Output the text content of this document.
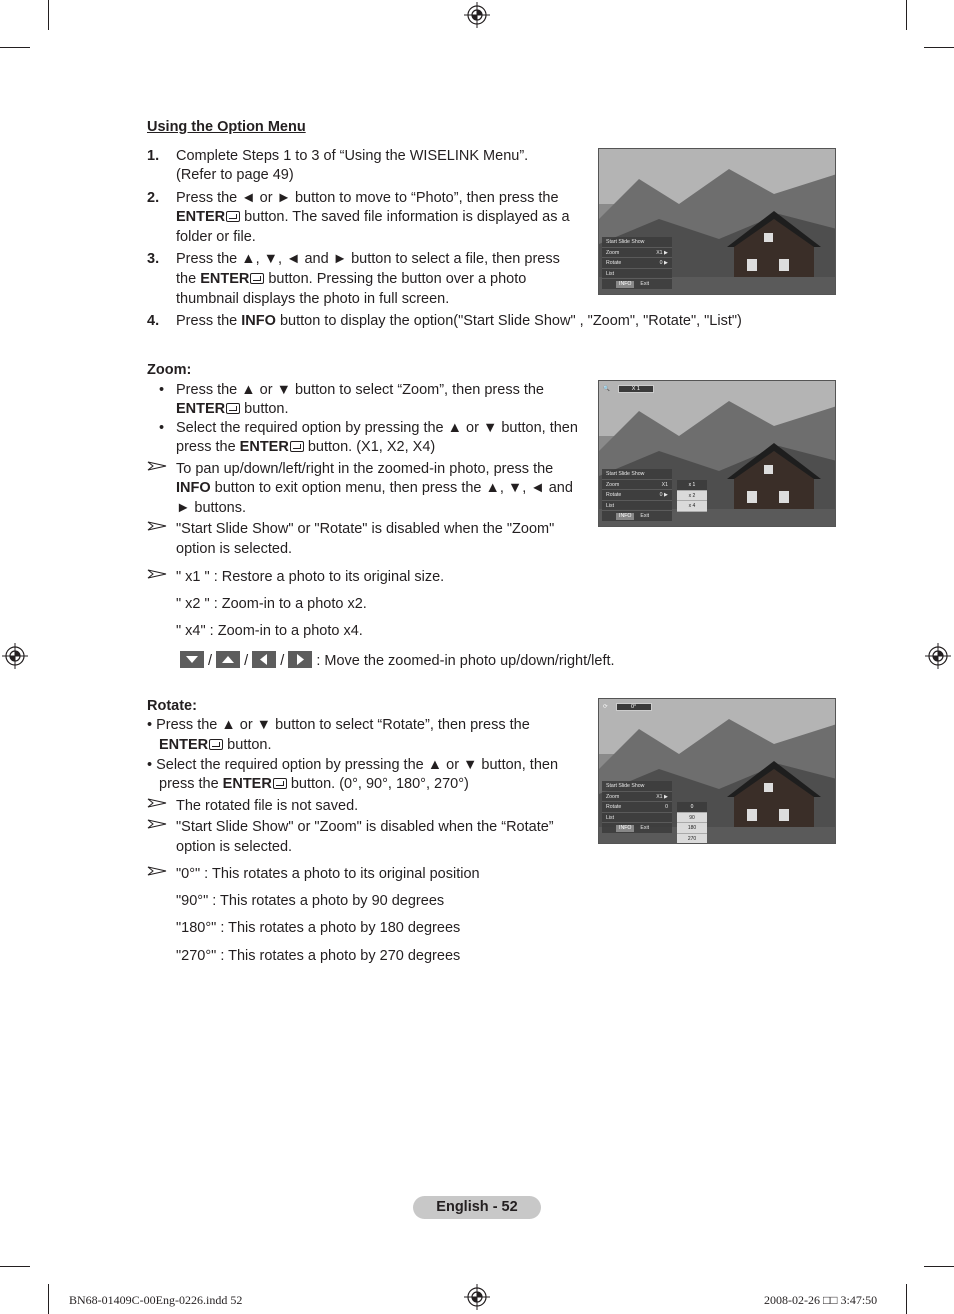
Using the Option Menu
1. Complete Steps 1 to 3 of “Using the WISELINK Menu”.
(Refer to page 49)
2. Press the ◄ or ► button to move to “Photo”, then press the
ENTER button. The saved file information is displayed as a
folder or file.
3. Press the ▲, ▼, ◄ and ► button to select a file, then press
the ENTER button. Pressing the button over a photo
thumbnail displays the photo in full screen.
4. Press the INFO button to display the option("Start Slide Show" , "Zoom", "Rotate", "List")
Start Slide Show
Zoom	X1 ▶
Rotate	0 ▶
List
INFO Exit
Zoom:
• Press the ▲ or ▼ button to select “Zoom”, then press the
ENTER button.
• Select the required option by pressing the ▲ or ▼ button, then
press the ENTER button. (X1, X2, X4)
To pan up/down/left/right in the zoomed-in photo, press the
INFO button to exit option menu, then press the ▲, ▼, ◄ and
► buttons.
"Start Slide Show" or "Rotate" is disabled when the "Zoom"
option is selected.
" x1 " : Restore a photo to its original size.
" x2 " : Zoom-in to a photo x2.
" x4" : Zoom-in to a photo x4.
/ / / : Move the zoomed-in photo up/down/right/left.
🔍	X 1
Start Slide Show
Zoom	X1
Rotate	0 ▶
List
INFO Exit
x 1
x 2
x 4
Rotate:
• Press the ▲ or ▼ button to select “Rotate”, then press the
ENTER button.
• Select the required option by pressing the ▲ or ▼ button, then
press the ENTER button. (0°, 90°, 180°, 270°)
The rotated file is not saved.
"Start Slide Show" or "Zoom" is disabled when the “Rotate”
option is selected.
"0°" : This rotates a photo to its original position
"90°" : This rotates a photo by 90 degrees
"180°" : This rotates a photo by 180 degrees
"270°" : This rotates a photo by 270 degrees
⟳	0°
Start Slide Show
Zoom	X1 ▶
Rotate	0
List
INFO Exit
0
90
180
270
English - 52
BN68-01409C-00Eng-0226.indd 52	2008-02-26 □□ 3:47:50
